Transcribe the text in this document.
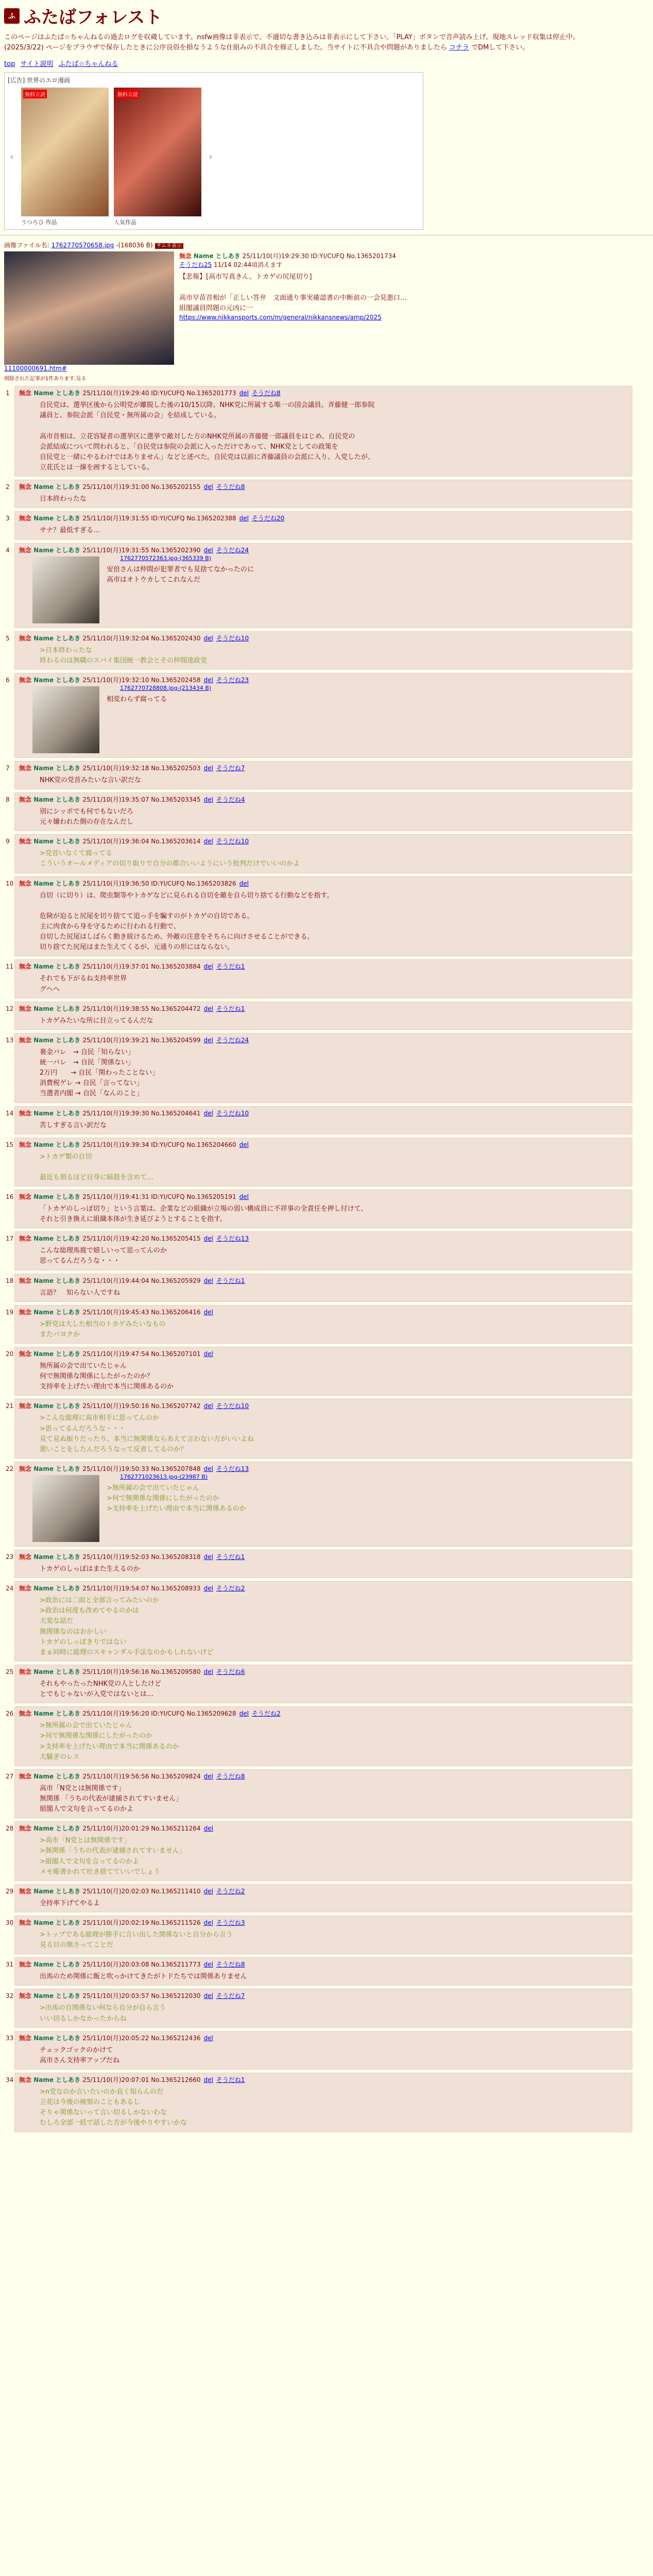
ふ ふたばフォレスト
このページはふたば☆ちゃんねるの過去ログを収蔵しています。nsfw画像は非表示で、不適切な書き込みは非表示にして下さい。「PLAY」ボタンで音声読み上げ。現地スレッド収集は停止中。
(2025/3/22) ページをブラウザで保存したときに公序良俗を損なうような仕組みの不具合を修正しました。当サイトに不具合や問題がありましたら コチラ でDMして下さい。
top サイト説明 ふたば☆ちゃんねる
[広告] 世界のエロ漫画
‹
無料立読
うつろひ 作品
無料立読
人気作品
›
画像ファイル名: 1762770570658.jpg -(168036 B) サムネ表示
11100000691.htm#
無念 Name としあき 25/11/10(月)19:29:30 ID:YI/CUFQ No.1365201734
そうだね25 11/14 02:44頃消えます
【悲報】[高市写真きん、トカゲの尻尾切り]

高市早苗首相が「正しい答弁　文面通り事実確認書の中断前の一会見悪口…
組閣議員問題の元凶に一
https://www.nikkansports.com/m/general/nikkansnews/amp/2025
削除された記事が1件あります.見る
1 無念 Name としあき 25/11/10(月)19:29:40 ID:YI/CUFQ No.1365201773 del そうだね8
自民党は、選挙区後から公明党が離脱した後の10/15以降、NHK党に所属する唯一の国会議員、斉藤健一郎参院
議員と、参院会派「自民党・無所属の会」を結成している。

高市首相は、立花容疑者の選挙区に選挙で敵対した方のNHK党所属の斉藤健一郎議員をはじめ、自民党の
会派結成について問われると、「自民党は参院の会派に入っただけであって、NHK党としての政策を
自民党と一緒にやるわけではありません」などと述べた。自民党は以前に斉藤議員の会派に入り、入党したが、
立花氏とは一線を画するとしている。
2 無念 Name としあき 25/11/10(月)19:31:00 No.1365202155 del そうだね8
日本終わったな
3 無念 Name としあき 25/11/10(月)19:31:55 ID:YI/CUFQ No.1365202388 del そうだね20
サナ？最低すぎる…
4 無念 Name としあき 25/11/10(月)19:31:55 No.1365202390 del そうだね24
1762770572363.jpg-(365339 B)
安倍さんは仲間が犯罪者でも見捨てなかったのに
高市はオトウカしてこれなんだ
5 無念 Name としあき 25/11/10(月)19:32:04 No.1365202430 del そうだね10
>日本終わったな
終わるのは無職のスパイ集団統一教会とその仲間達政党
6 無念 Name としあき 25/11/10(月)19:32:10 No.1365202458 del そうだね23
1762770728808.jpg-(213434 B)
相変わらず腐ってる
7 無念 Name としあき 25/11/10(月)19:32:18 No.1365202503 del そうだね7
NHK党の党首みたいな言い訳だな
8 無念 Name としあき 25/11/10(月)19:35:07 No.1365203345 del そうだね4
別にシッポでも何でもないだろ
元々嫌われた側の存在なんだし
9 無念 Name としあき 25/11/10(月)19:36:04 No.1365203614 del そうだね10
>党首いなくて腐ってる
こういうオールメディアの切り取りで自分の都合いいようにいう批判だけでいいのかよ
10 無念 Name としあき 25/11/10(月)19:36:50 ID:YI/CUFQ No.1365203826 del
自切（に切り）は、爬虫類等やトカゲなどに見られる自切を敵を自ら切り捨てる行動などを指す。

危険が迫ると尻尾を切り捨てて追っ手を騙すのがトカゲの自切である。
主に肉食から身を守るために行われる行動で、
自切した尻尾はしばらく動き続けるため、外敵の注意をそちらに向けさせることができる。
切り捨てた尻尾はまた生えてくるが、元通りの形にはならない。
11 無念 Name としあき 25/11/10(月)19:37:01 No.1365203884 del そうだね1
それでも下がるね支持率世界
グヘヘ
12 無念 Name としあき 25/11/10(月)19:38:55 No.1365204472 del そうだね1
トカゲみたいな所に目立ってるんだな
13 無念 Name としあき 25/11/10(月)19:39:21 No.1365204599 del そうだね24
裏金パレ　→ 自民「知らない」
統一パレ　→ 自民「関係ない」
2万円　　→ 自民「関わったことない」
消費税ゲレ → 自民「言ってない」
当選者内閣 → 自民「なんのこと」
14 無念 Name としあき 25/11/10(月)19:39:30 No.1365204641 del そうだね10
苦しすぎる言い訳だな
15 無念 Name としあき 25/11/10(月)19:39:34 ID:YI/CUFQ No.1365204660 del
>トカゲ類の自切

最近も割るほど自身に暗殺を含めて…
16 無念 Name としあき 25/11/10(月)19:41:31 ID:YI/CUFQ No.1365205191 del
「トカゲのしっぽ切り」という言葉は、企業などの組織が立場の弱い構成員に不祥事の全責任を押し付けて、
それと引き換えに組織本体が生き延びようとすることを指す。
17 無念 Name としあき 25/11/10(月)19:42:20 No.1365205415 del そうだね13
こんな総理馬鹿で嬉しいって思ってんのか
思ってるんだろうな・・・
18 無念 Name としあき 25/11/10(月)19:44:04 No.1365205929 del そうだね1
言語？　知らない人ですね
19 無念 Name としあき 25/11/10(月)19:45:43 No.1365206416 del
>野党は大した相当のトカゲみたいなもの
またパヨクか
20 無念 Name としあき 25/11/10(月)19:47:54 No.1365207101 del
無所属の会で出ていたじゃん
何で無関係な関係にしたがったのか？
支持率を上げたい理由で本当に関係あるのか
21 無念 Name としあき 25/11/10(月)19:50:16 No.1365207742 del そうだね10
>こんな総理に高市相手に思ってんのか
>思ってるんだろうな・・・
見て見ぬ振りだったり、本当に無関係ならあえて言わない方がいいよね
悪いことをしたんだろうなって反省してるのか？
22 無念 Name としあき 25/11/10(月)19:50:33 No.1365207848 del そうだね13
1762771023613.jpg-(23987 B)
>無所属の会で出ていたじゃん
>何で無関係な関係にしたがったのか
>支持率を上げたい理由で本当に関係あるのか
23 無念 Name としあき 25/11/10(月)19:52:03 No.1365208318 del そうだね1
トカゲのしっぽはまた生えるのか
24 無念 Name としあき 25/11/10(月)19:54:07 No.1365208933 del そうだね2
>政治には二面と全部言ってみたいのか
>政治は何度も改めてやるのかは
大変な話だ
無関係なのはおかしい
トカゲのしっぽきりではない
まぁ同時に総理のスキャンダル手法なのかもしれないけど
25 無念 Name としあき 25/11/10(月)19:56:16 No.1365209580 del そうだね6
それもやったったNHK党の人としたけど
とでもじゃないが入党ではないとは…
26 無念 Name としあき 25/11/10(月)19:56:20 ID:YI/CUFQ No.1365209628 del そうだね2
>無所属の会で出ていたじゃん
>何で無関係な関係にしたがったのか
>支持率を上げたい理由で本当に関係あるのか
大騒ぎのレス
27 無念 Name としあき 25/11/10(月)19:56:56 No.1365209824 del そうだね8
高市「N党とは無関係です」
無関係 「うちの代表が逮捕されてすいません」
組閣人で文句を言ってるのかよ
28 無念 Name としあき 25/11/10(月)20:01:29 No.1365211264 del
>高市「N党とは無関係です」
>無関係「うちの代表が逮捕されてすいません」
>組閣人で文句を言ってるのかよ
メモ帳書かれて吐き捨てていいでしょう
29 無念 Name としあき 25/11/10(月)20:02:03 No.1365211410 del そうだね2
全持率下げてやるよ
30 無念 Name としあき 25/11/10(月)20:02:19 No.1365211526 del そうだね3
>トップである総理が勝手に言い出した関係ないと自分から言う
見る目の無さってことだ
31 無念 Name としあき 25/11/10(月)20:03:08 No.1365211773 del そうだね8
出馬のため関係に飯と吹っかけてきたがトドたちでは関係ありません
32 無念 Name としあき 25/11/10(月)20:03:57 No.1365212030 del そうだね7
>出馬の自関係ない何なら自分が自ら言う
いい切るしかなかったからね
33 無念 Name としあき 25/11/10(月)20:05:22 No.1365212436 del
チェックゴックのかけて
高市さん支持率アップだね
34 無念 Name としあき 25/11/10(月)20:07:01 No.1365212660 del そうだね1
>n党なのか言いたいのか良く知らんのだ
立花は今後の検察のこともあるし
そりゃ関係ないって言い切るしかないわな
むしろ全部一括で話した方が今後やりやすいかな
